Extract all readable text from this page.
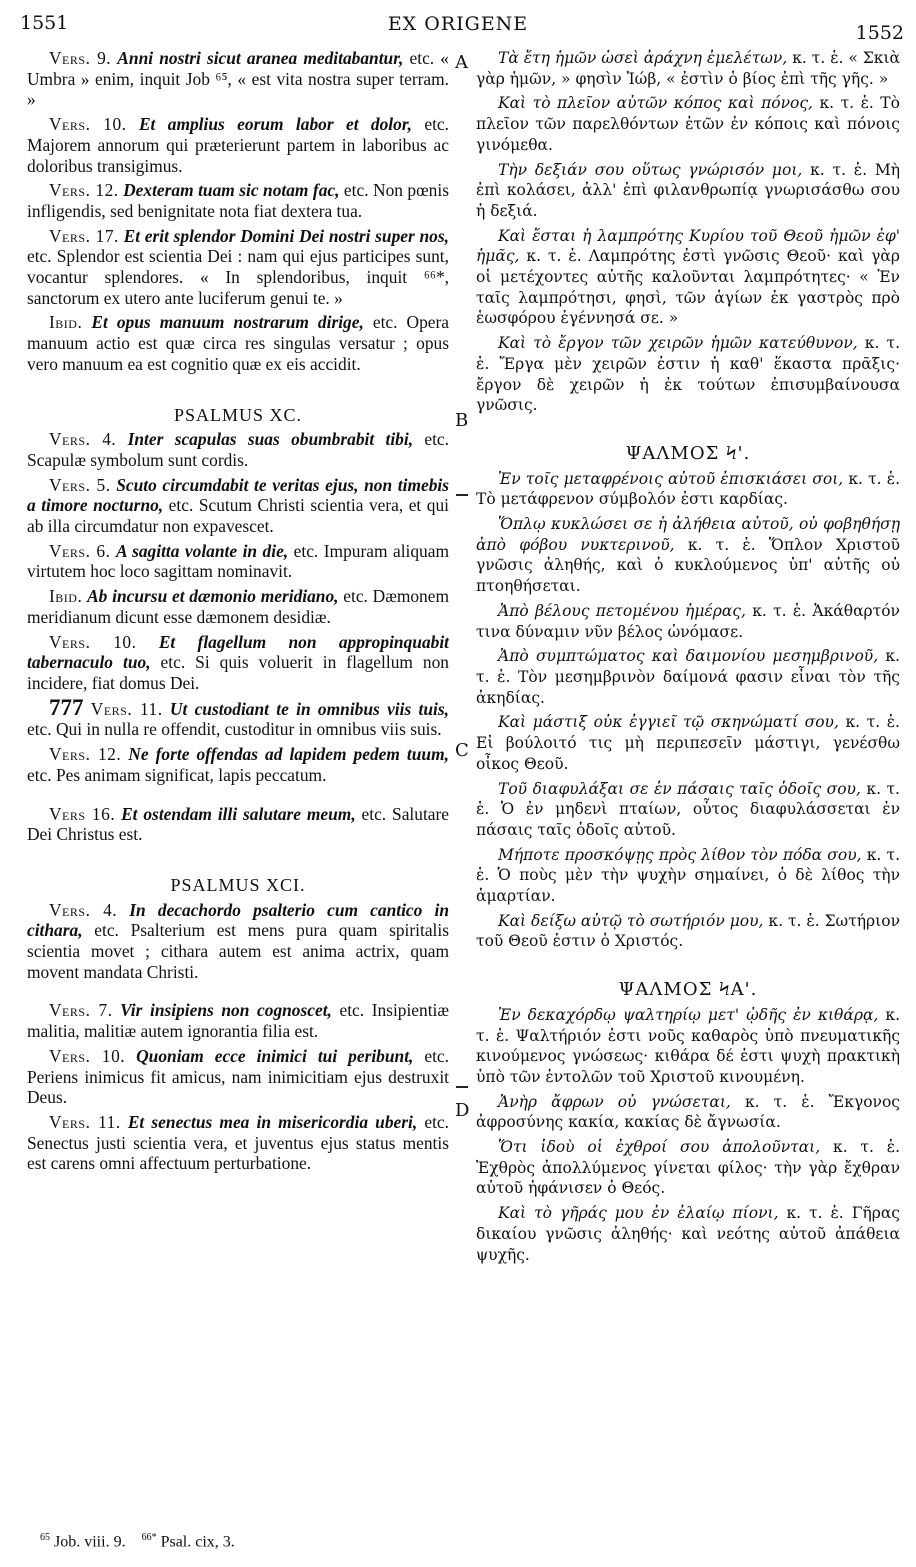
1551	EX ORIGENE	1552
A
B
C
D

Vers. 9. Anni nostri sicut aranea meditabantur, etc. « Umbra » enim, inquit Job ⁶⁵, « est vita nostra super terram. »

Vers. 10. Et amplius eorum labor et dolor, etc. Majorem annorum qui præterierunt partem in laboribus ac doloribus transigimus.

Vers. 12. Dexteram tuam sic notam fac, etc. Non pœnis infligendis, sed benignitate nota fiat dextera tua.

Vers. 17. Et erit splendor Domini Dei nostri super nos, etc. Splendor est scientia Dei : nam qui ejus participes sunt, vocantur splendores. « In splendoribus, inquit ⁶⁶*, sanctorum ex utero ante luciferum genui te. »

Ibid. Et opus manuum nostrarum dirige, etc. Opera manuum actio est quæ circa res singulas versatur ; opus vero manuum ea est cognitio quæ ex eis accidit.

PSALMUS XC.

Vers. 4. Inter scapulas suas obumbrabit tibi, etc. Scapulæ symbolum sunt cordis.

Vers. 5. Scuto circumdabit te veritas ejus, non timebis a timore nocturno, etc. Scutum Christi scientia vera, et qui ab illa circumdatur non expavescet.

Vers. 6. A sagitta volante in die, etc. Impuram aliquam virtutem hoc loco sagittam nominavit.

Ibid. Ab incursu et dæmonio meridiano, etc. Dæmonem meridianum dicunt esse dæmonem desidiæ.

Vers. 10. Et flagellum non appropinquabit tabernaculo tuo, etc. Si quis voluerit in flagellum non incidere, fiat domus Dei.

777 Vers. 11. Ut custodiant te in omnibus viis tuis, etc. Qui in nulla re offendit, custoditur in omnibus viis suis.

Vers. 12. Ne forte offendas ad lapidem pedem tuum, etc. Pes animam significat, lapis peccatum.

Vers 16. Et ostendam illi salutare meum, etc. Salutare Dei Christus est.

PSALMUS XCI.

Vers. 4. In decachordo psalterio cum cantico in cithara, etc. Psalterium est mens pura quam spiritalis scientia movet ; cithara autem est anima actrix, quam movent mandata Christi.

Vers. 7. Vir insipiens non cognoscet, etc. Insipientiæ malitia, malitiæ autem ignorantia filia est.

Vers. 10. Quoniam ecce inimici tui peribunt, etc. Periens inimicus fit amicus, nam inimicitiam ejus destruxit Deus.

Vers. 11. Et senectus mea in misericordia uberi, etc. Senectus justi scientia vera, et juventus ejus status mentis est carens omni affectuum perturbatione.

Τὰ ἔτη ἡμῶν ὡσεὶ ἀράχνη ἐμελέτων, κ. τ. ἑ. « Σκιὰ γὰρ ἡμῶν, » φησὶν Ἰώβ, « ἐστὶν ὁ βίος ἐπὶ τῆς γῆς. »

Καὶ τὸ πλεῖον αὐτῶν κόπος καὶ πόνος, κ. τ. ἑ. Τὸ πλεῖον τῶν παρελθόντων ἐτῶν ἐν κόποις καὶ πόνοις γινόμεθα.

Τὴν δεξιάν σου οὕτως γνώρισόν μοι, κ. τ. ἑ. Μὴ ἐπὶ κολάσει, ἀλλ' ἐπὶ φιλανθρωπίᾳ γνωρισάσθω σου ἡ δεξιά.

Καὶ ἔσται ἡ λαμπρότης Κυρίου τοῦ Θεοῦ ἡμῶν ἐφ' ἡμᾶς, κ. τ. ἑ. Λαμπρότης ἐστὶ γνῶσις Θεοῦ· καὶ γὰρ οἱ μετέχοντες αὐτῆς καλοῦνται λαμπρότητες· « Ἐν ταῖς λαμπρότησι, φησὶ, τῶν ἁγίων ἐκ γαστρὸς πρὸ ἑωσφόρου ἐγέννησά σε. »

Καὶ τὸ ἔργον τῶν χειρῶν ἡμῶν κατεύθυνον, κ. τ. ἑ. Ἔργα μὲν χειρῶν ἐστιν ἡ καθ' ἕκαστα πρᾶξις· ἔργον δὲ χειρῶν ἡ ἐκ τούτων ἐπισυμβαίνουσα γνῶσις.

ΨΑΛΜΟΣ Ϟ'.

Ἐν τοῖς μεταφρένοις αὐτοῦ ἐπισκιάσει σοι, κ. τ. ἑ. Τὸ μετάφρενον σύμβολόν ἐστι καρδίας.

Ὅπλῳ κυκλώσει σε ἡ ἀλήθεια αὐτοῦ, οὐ φοβηθήσῃ ἀπὸ φόβου νυκτερινοῦ, κ. τ. ἑ. Ὅπλον Χριστοῦ γνῶσις ἀληθής, καὶ ὁ κυκλούμενος ὑπ' αὐτῆς οὐ πτοηθήσεται.

Ἀπὸ βέλους πετομένου ἡμέρας, κ. τ. ἑ. Ἀκάθαρτόν τινα δύναμιν νῦν βέλος ὠνόμασε.

Ἀπὸ συμπτώματος καὶ δαιμονίου μεσημβρινοῦ, κ. τ. ἑ. Τὸν μεσημβρινὸν δαίμονά φασιν εἶναι τὸν τῆς ἀκηδίας.

Καὶ μάστιξ οὐκ ἐγγιεῖ τῷ σκηνώματί σου, κ. τ. ἑ. Εἰ βούλοιτό τις μὴ περιπεσεῖν μάστιγι, γενέσθω οἶκος Θεοῦ.

Τοῦ διαφυλάξαι σε ἐν πάσαις ταῖς ὁδοῖς σου, κ. τ. ἑ. Ὁ ἐν μηδενὶ πταίων, οὗτος διαφυλάσσεται ἐν πάσαις ταῖς ὁδοῖς αὐτοῦ.

Μήποτε προσκόψῃς πρὸς λίθον τὸν πόδα σου, κ. τ. ἑ. Ὁ ποὺς μὲν τὴν ψυχὴν σημαίνει, ὁ δὲ λίθος τὴν ἁμαρτίαν.

Καὶ δείξω αὐτῷ τὸ σωτήριόν μου, κ. τ. ἑ. Σωτήριον τοῦ Θεοῦ ἐστιν ὁ Χριστός.

ΨΑΛΜΟΣ ϞΑ'.

Ἐν δεκαχόρδῳ ψαλτηρίῳ μετ' ᾠδῆς ἐν κιθάρᾳ, κ. τ. ἑ. Ψαλτήριόν ἐστι νοῦς καθαρὸς ὑπὸ πνευματικῆς κινούμενος γνώσεως· κιθάρα δέ ἐστι ψυχὴ πρακτικὴ ὑπὸ τῶν ἐντολῶν τοῦ Χριστοῦ κινουμένη.

Ἀνὴρ ἄφρων οὐ γνώσεται, κ. τ. ἑ. Ἔκγονος ἀφροσύνης κακία, κακίας δὲ ἄγνωσία.

Ὅτι ἰδοὺ οἱ ἐχθροί σου ἀπολοῦνται, κ. τ. ἑ. Ἐχθρὸς ἀπολλύμενος γίνεται φίλος· τὴν γὰρ ἔχθραν αὐτοῦ ἠφάνισεν ὁ Θεός.

Καὶ τὸ γῆράς μου ἐν ἐλαίῳ πίονι, κ. τ. ἑ. Γῆρας δικαίου γνῶσις ἀληθής· καὶ νεότης αὐτοῦ ἀπάθεια ψυχῆς.

$^{65}$ Job. viii. 9. $^{66*}$ Psal. cix, 3.
